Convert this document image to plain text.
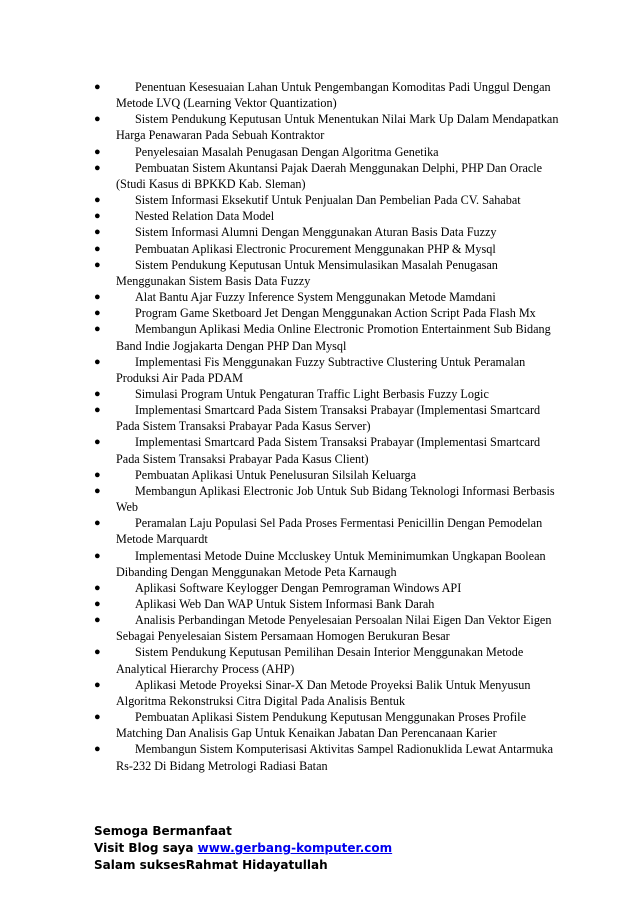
●	Penentuan Kesesuaian Lahan Untuk Pengembangan Komoditas Padi Unggul Dengan Metode LVQ (Learning Vektor Quantization)
●	Sistem Pendukung Keputusan Untuk Menentukan Nilai Mark Up Dalam Mendapatkan Harga Penawaran Pada Sebuah Kontraktor
●	Penyelesaian Masalah Penugasan Dengan Algoritma Genetika
●	Pembuatan Sistem Akuntansi Pajak Daerah Menggunakan Delphi, PHP Dan Oracle (Studi Kasus di BPKKD Kab. Sleman)
●	Sistem Informasi Eksekutif Untuk Penjualan Dan Pembelian Pada CV. Sahabat
●	Nested Relation Data Model
●	Sistem Informasi Alumni Dengan Menggunakan Aturan Basis Data Fuzzy
●	Pembuatan Aplikasi Electronic Procurement Menggunakan PHP & Mysql
●	Sistem Pendukung Keputusan Untuk Mensimulasikan Masalah Penugasan Menggunakan Sistem Basis Data Fuzzy
●	Alat Bantu Ajar Fuzzy Inference System Menggunakan Metode Mamdani
●	Program Game Sketboard Jet Dengan Menggunakan Action Script Pada Flash Mx
●	Membangun Aplikasi Media Online Electronic Promotion Entertainment Sub Bidang Band Indie Jogjakarta Dengan PHP Dan Mysql
●	Implementasi Fis Menggunakan Fuzzy Subtractive Clustering Untuk Peramalan Produksi Air Pada PDAM
●	Simulasi Program Untuk Pengaturan Traffic Light Berbasis Fuzzy Logic
●	Implementasi Smartcard Pada Sistem Transaksi Prabayar (Implementasi Smartcard Pada Sistem Transaksi Prabayar Pada Kasus Server)
●	Implementasi Smartcard Pada Sistem Transaksi Prabayar (Implementasi Smartcard Pada Sistem Transaksi Prabayar Pada Kasus Client)
●	Pembuatan Aplikasi Untuk Penelusuran Silsilah Keluarga
●	Membangun Aplikasi Electronic Job Untuk Sub Bidang Teknologi Informasi Berbasis Web
●	Peramalan Laju Populasi Sel Pada Proses Fermentasi Penicillin Dengan Pemodelan Metode Marquardt
●	Implementasi Metode Duine Mccluskey Untuk Meminimumkan Ungkapan Boolean Dibanding Dengan Menggunakan Metode Peta Karnaugh
●	Aplikasi Software Keylogger Dengan Pemrograman Windows API
●	Aplikasi Web Dan WAP Untuk Sistem Informasi Bank Darah
●	Analisis Perbandingan Metode Penyelesaian Persoalan Nilai Eigen Dan Vektor Eigen Sebagai Penyelesaian Sistem Persamaan Homogen Berukuran Besar
●	Sistem Pendukung Keputusan Pemilihan Desain Interior Menggunakan Metode Analytical Hierarchy Process (AHP)
●	Aplikasi Metode Proyeksi Sinar-X Dan Metode Proyeksi Balik Untuk Menyusun Algoritma Rekonstruksi Citra Digital Pada Analisis Bentuk
●	Pembuatan Aplikasi Sistem Pendukung Keputusan Menggunakan Proses Profile Matching Dan Analisis Gap Untuk Kenaikan Jabatan Dan Perencanaan Karier
●	Membangun Sistem Komputerisasi Aktivitas Sampel Radionuklida Lewat Antarmuka Rs-232 Di Bidang Metrologi Radiasi Batan
Semoga Bermanfaat
Visit Blog saya www.gerbang-komputer.com
Salam suksesRahmat Hidayatullah
